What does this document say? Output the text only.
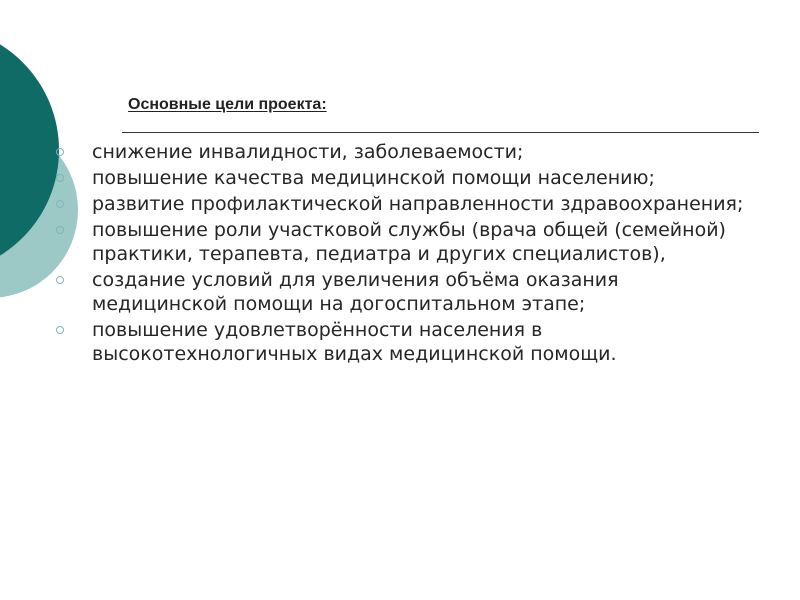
Основные цели проекта:
снижение инвалидности, заболеваемости;
повышение качества медицинской помощи населению;
развитие профилактической направленности здравоохранения;
повышение роли участковой службы (врача общей (семейной) практики, терапевта, педиатра и других специалистов),
создание условий для увеличения объёма оказания
медицинской помощи на догоспитальном этапе;
повышение удовлетворённости населения в
высокотехнологичных видах медицинской помощи.
